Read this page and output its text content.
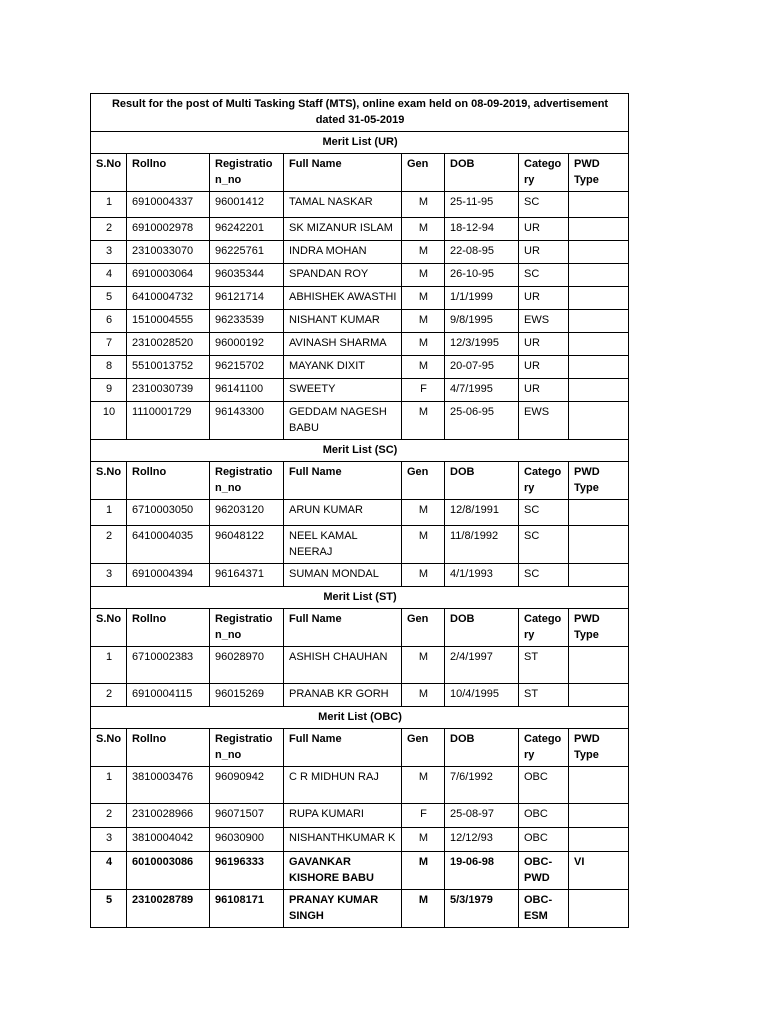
Result for the post of Multi Tasking Staff (MTS), online exam held on 08-09-2019, advertisement dated 31-05-2019							
Merit List (UR)							
S.No	Rollno	Registration_no	Full Name	Gen	DOB	Category	PWD Type
1	6910004337	96001412	TAMAL NASKAR	M	25-11-95	SC	
2	6910002978	96242201	SK MIZANUR ISLAM	M	18-12-94	UR	
3	2310033070	96225761	INDRA MOHAN	M	22-08-95	UR	
4	6910003064	96035344	SPANDAN ROY	M	26-10-95	SC	
5	6410004732	96121714	ABHISHEK AWASTHI	M	1/1/1999	UR	
6	1510004555	96233539	NISHANT KUMAR	M	9/8/1995	EWS	
7	2310028520	96000192	AVINASH SHARMA	M	12/3/1995	UR	
8	5510013752	96215702	MAYANK DIXIT	M	20-07-95	UR	
9	2310030739	96141100	SWEETY	F	4/7/1995	UR	
10	1110001729	96143300	GEDDAM NAGESH BABU	M	25-06-95	EWS	
Merit List (SC)							
S.No	Rollno	Registration_no	Full Name	Gen	DOB	Category	PWD Type
1	6710003050	96203120	ARUN KUMAR	M	12/8/1991	SC	
2	6410004035	96048122	NEEL KAMAL NEERAJ	M	11/8/1992	SC	
3	6910004394	96164371	SUMAN MONDAL	M	4/1/1993	SC	
Merit List (ST)							
S.No	Rollno	Registration_no	Full Name	Gen	DOB	Category	PWD Type
1	6710002383	96028970	ASHISH CHAUHAN	M	2/4/1997	ST	
2	6910004115	96015269	PRANAB KR GORH	M	10/4/1995	ST	
Merit List (OBC)							
S.No	Rollno	Registration_no	Full Name	Gen	DOB	Category	PWD Type
1	3810003476	96090942	C R MIDHUN RAJ	M	7/6/1992	OBC	
2	2310028966	96071507	RUPA KUMARI	F	25-08-97	OBC	
3	3810004042	96030900	NISHANTHKUMAR K	M	12/12/93	OBC	
4	6010003086	96196333	GAVANKAR KISHORE BABU	M	19-06-98	OBC-PWD	VI
5	2310028789	96108171	PRANAY KUMAR SINGH	M	5/3/1979	OBC-ESM	
